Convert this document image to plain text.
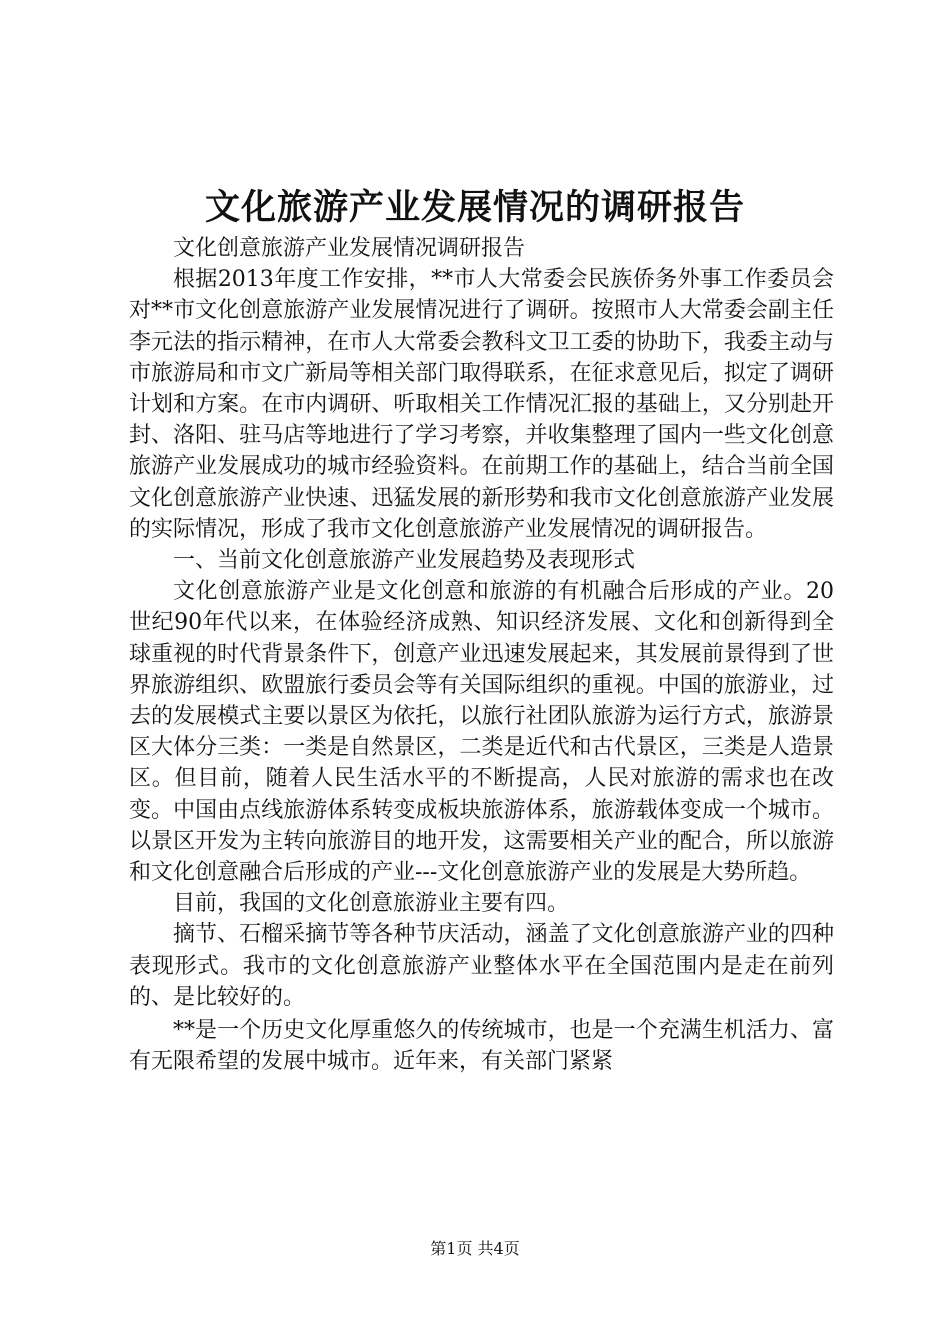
文化旅游产业发展情况的调研报告

文化创意旅游产业发展情况调研报告

根据2013年度工作安排，**市人大常委会民族侨务外事工作委员会对**市文化创意旅游产业发展情况进行了调研。按照市人大常委会副主任李元法的指示精神，在市人大常委会教科文卫工委的协助下，我委主动与市旅游局和市文广新局等相关部门取得联系，在征求意见后，拟定了调研计划和方案。在市内调研、听取相关工作情况汇报的基础上，又分别赴开封、洛阳、驻马店等地进行了学习考察，并收集整理了国内一些文化创意旅游产业发展成功的城市经验资料。在前期工作的基础上，结合当前全国文化创意旅游产业快速、迅猛发展的新形势和我市文化创意旅游产业发展的实际情况，形成了我市文化创意旅游产业发展情况的调研报告。

一、当前文化创意旅游产业发展趋势及表现形式

文化创意旅游产业是文化创意和旅游的有机融合后形成的产业。20世纪90年代以来，在体验经济成熟、知识经济发展、文化和创新得到全球重视的时代背景条件下，创意产业迅速发展起来，其发展前景得到了世界旅游组织、欧盟旅行委员会等有关国际组织的重视。中国的旅游业，过去的发展模式主要以景区为依托，以旅行社团队旅游为运行方式，旅游景区大体分三类：一类是自然景区，二类是近代和古代景区，三类是人造景区。但目前，随着人民生活水平的不断提高，人民对旅游的需求也在改变。中国由点线旅游体系转变成板块旅游体系，旅游载体变成一个城市。以景区开发为主转向旅游目的地开发，这需要相关产业的配合，所以旅游和文化创意融合后形成的产业---文化创意旅游产业的发展是大势所趋。

目前，我国的文化创意旅游业主要有四。

摘节、石榴采摘节等各种节庆活动，涵盖了文化创意旅游产业的四种表现形式。我市的文化创意旅游产业整体水平在全国范围内是走在前列的、是比较好的。

**是一个历史文化厚重悠久的传统城市，也是一个充满生机活力、富有无限希望的发展中城市。近年来，有关部门紧紧

第1页 共4页
